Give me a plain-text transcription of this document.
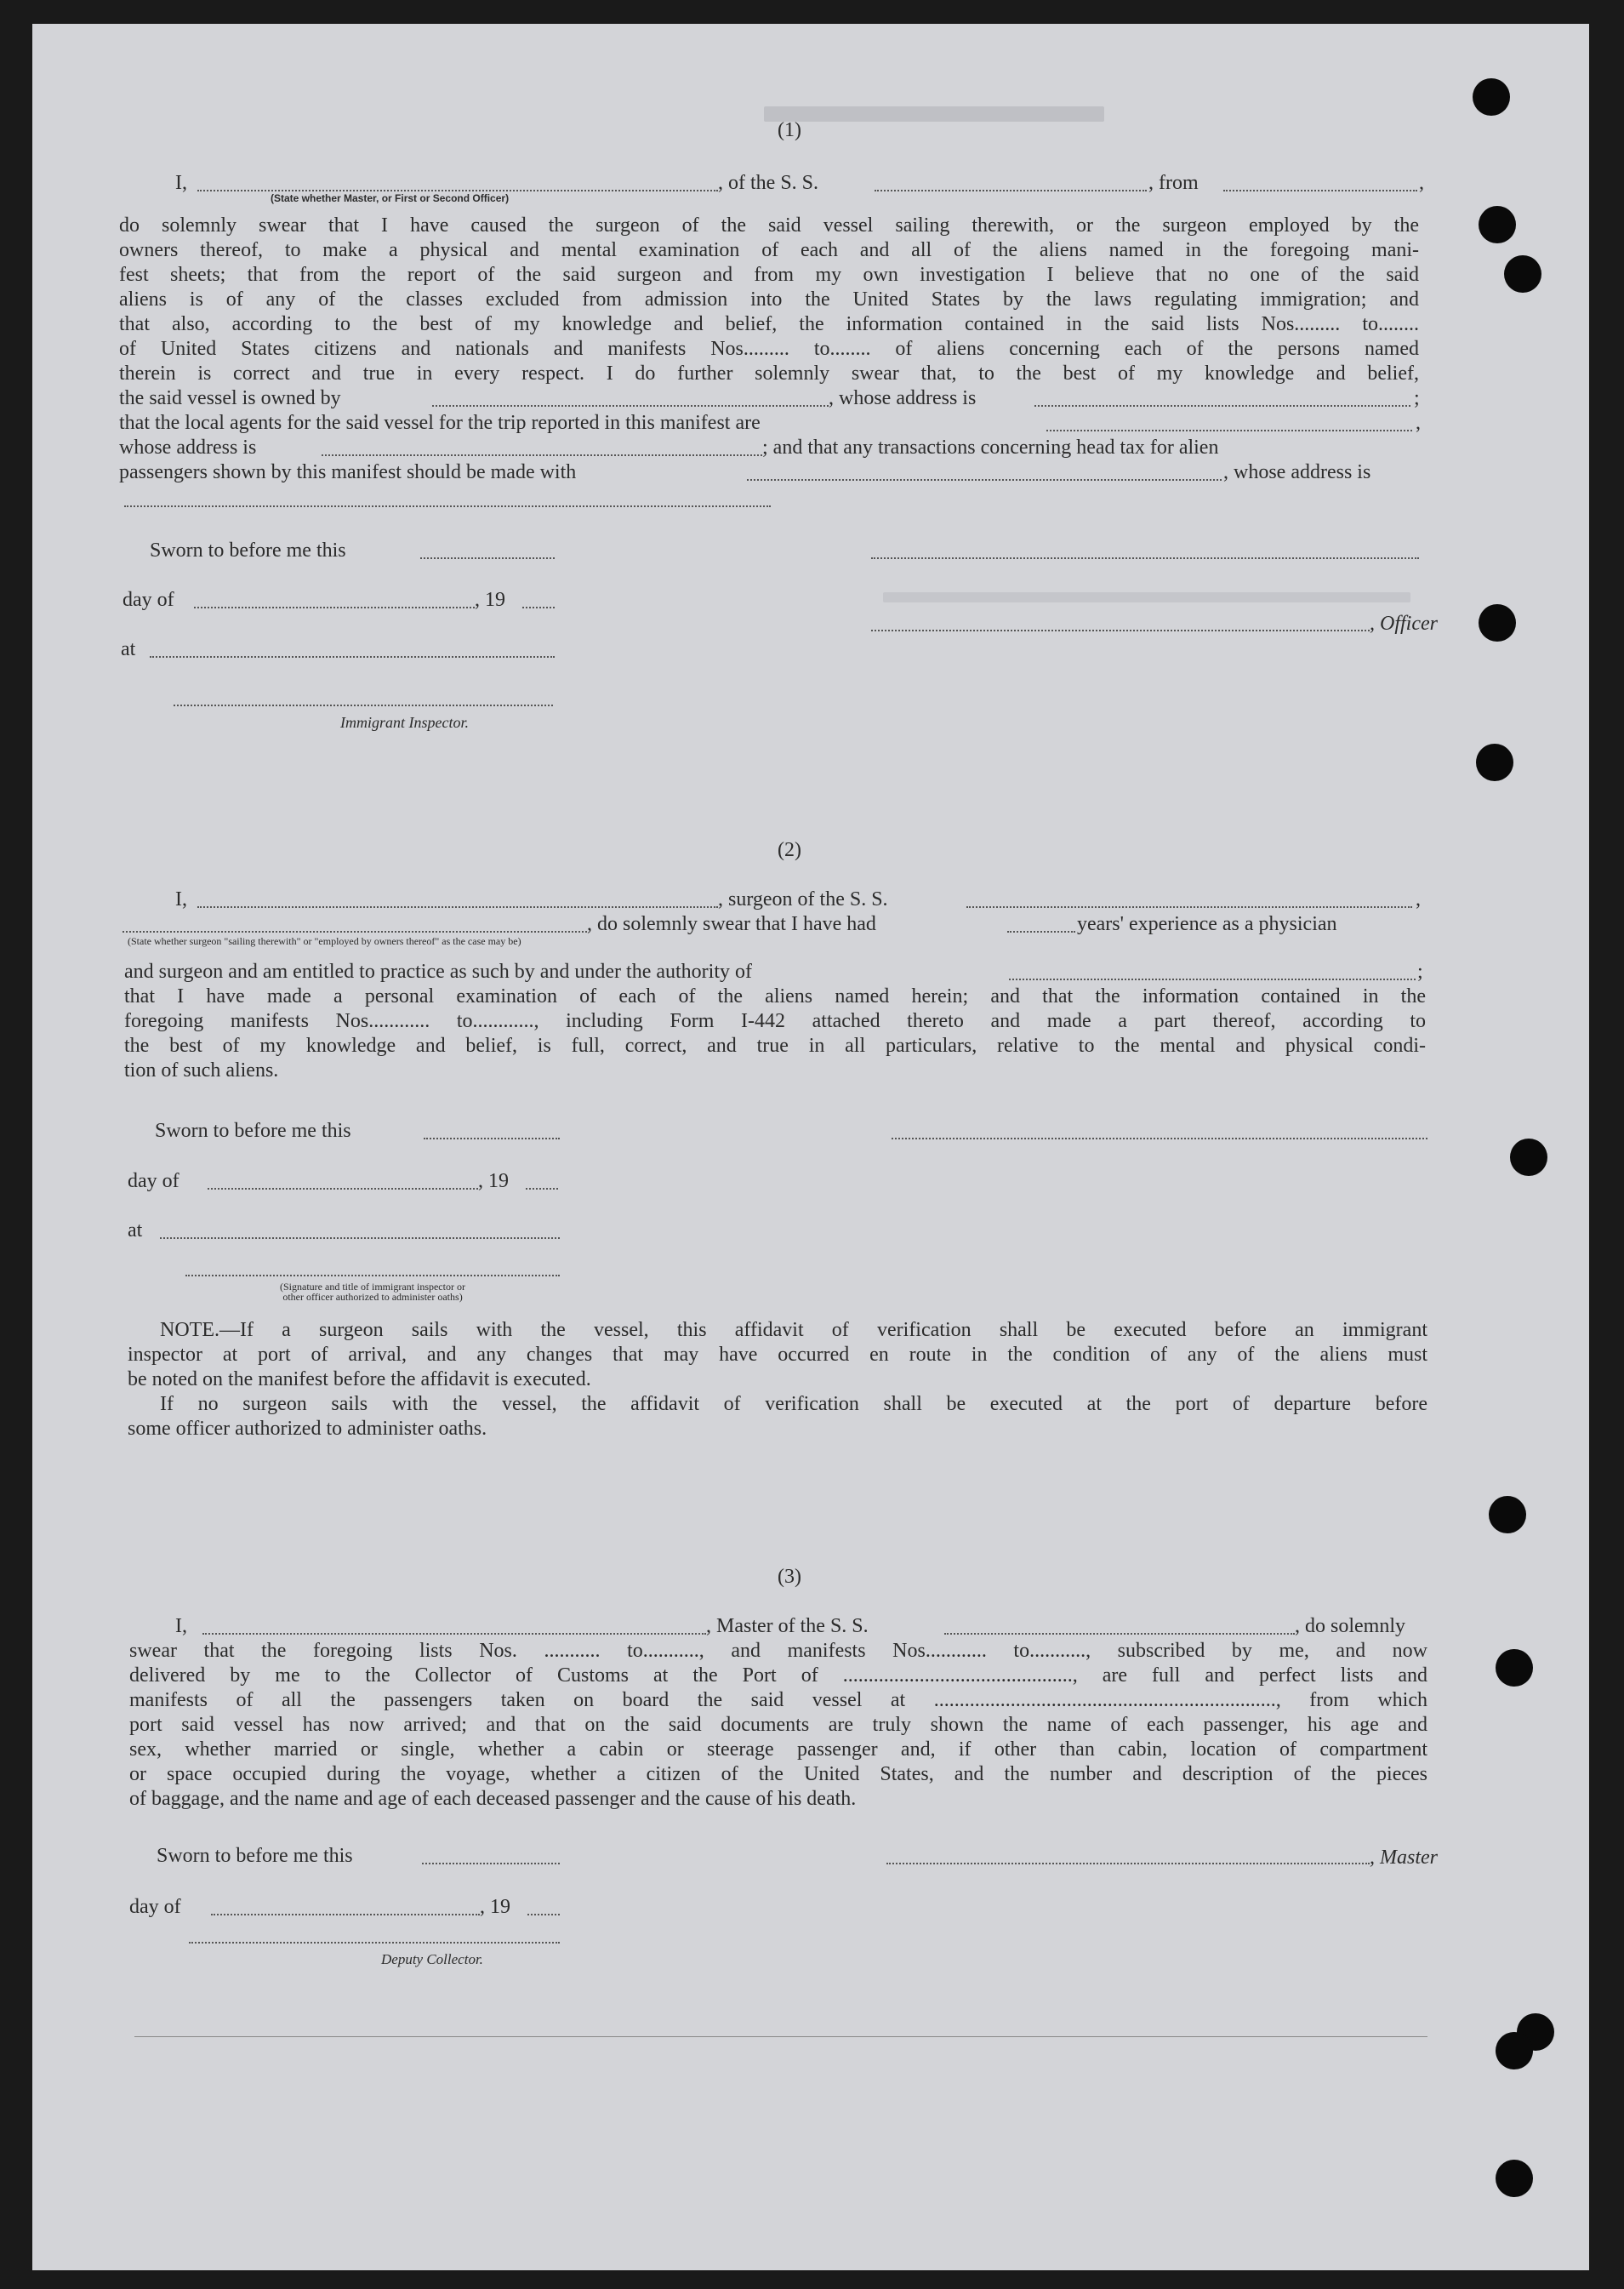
(1)
I,	, of the S. S.	, from	,
(State whether Master, or First or Second Officer)
do solemnly swear that I have caused the surgeon of the said vessel sailing therewith, or the surgeon employed by the
owners thereof, to make a physical and mental examination of each and all of the aliens named in the foregoing mani-
fest sheets; that from the report of the said surgeon and from my own investigation I believe that no one of the said
aliens is of any of the classes excluded from admission into the United States by the laws regulating immigration; and
that also, according to the best of my knowledge and belief, the information contained in the said lists Nos......... to........
of United States citizens and nationals and manifests Nos......... to........ of aliens concerning each of the persons named
therein is correct and true in every respect. I do further solemnly swear that, to the best of my knowledge and belief,
the said vessel is owned by	, whose address is	;
that the local agents for the said vessel for the trip reported in this manifest are	,
whose address is	; and that any transactions concerning head tax for alien
passengers shown by this manifest should be made with	, whose address is
Sworn to before me this
day of	, 19
, Officer
at
Immigrant Inspector.
(2)
I,	, surgeon of the S. S.	,
, do solemnly swear that I have had	years' experience as a physician
(State whether surgeon "sailing therewith" or "employed by owners thereof" as the case may be)
and surgeon and am entitled to practice as such by and under the authority of	;
that I have made a personal examination of each of the aliens named herein; and that the information contained in the
foregoing manifests Nos............ to............, including Form I-442 attached thereto and made a part thereof, according to
the best of my knowledge and belief, is full, correct, and true in all particulars, relative to the mental and physical condi-
tion of such aliens.
Sworn to before me this
day of	, 19
at
(Signature and title of immigrant inspector or
other officer authorized to administer oaths)
NOTE.—If a surgeon sails with the vessel, this affidavit of verification shall be executed before an immigrant
inspector at port of arrival, and any changes that may have occurred en route in the condition of any of the aliens must
be noted on the manifest before the affidavit is executed.
If no surgeon sails with the vessel, the affidavit of verification shall be executed at the port of departure before
some officer authorized to administer oaths.
(3)
I,	, Master of the S. S.	, do solemnly
swear that the foregoing lists Nos. ........... to..........., and manifests Nos............ to..........., subscribed by me, and now
delivered by me to the Collector of Customs at the Port of ............................................., are full and perfect lists and
manifests of all the passengers taken on board the said vessel at ..................................................................., from which
port said vessel has now arrived; and that on the said documents are truly shown the name of each passenger, his age and
sex, whether married or single, whether a cabin or steerage passenger and, if other than cabin, location of compartment
or space occupied during the voyage, whether a citizen of the United States, and the number and description of the pieces
of baggage, and the name and age of each deceased passenger and the cause of his death.
Sworn to before me this	, Master
day of	, 19
Deputy Collector.
